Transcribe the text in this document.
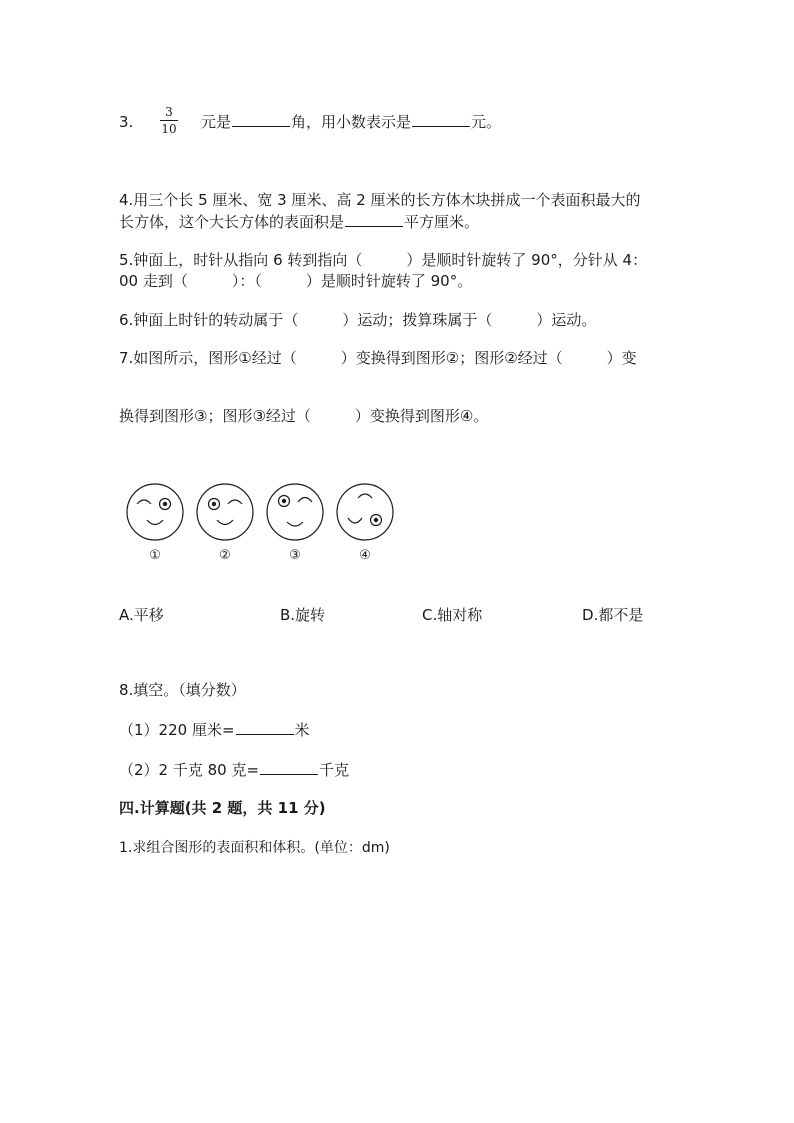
3.
3
10 元是	角，用小数表示是	元。
4.用三个长 5 厘米、宽 3 厘米、高 2 厘米的长方体木块拼成一个表面积最大的
长方体，这个大长方体的表面积是	平方厘米。
5.钟面上，时针从指向 6 转到指向（	）是顺时针旋转了 90°，分针从 4：
00 走到（	）：（	）是顺时针旋转了 90°。
6.钟面上时针的转动属于（	）运动；拨算珠属于（	）运动。
7.如图所示，图形①经过（	）变换得到图形②；图形②经过（	）变
换得到图形③；图形③经过（	）变换得到图形④。
①	②	③	④
A.平移	B.旋转	C.轴对称	D.都不是
8.填空。（填分数）
（1）220 厘米=	米
（2）2 千克 80 克=	千克
四.计算题(共 2 题，共 11 分)
1.求组合图形的表面积和体积。(单位：dm)
